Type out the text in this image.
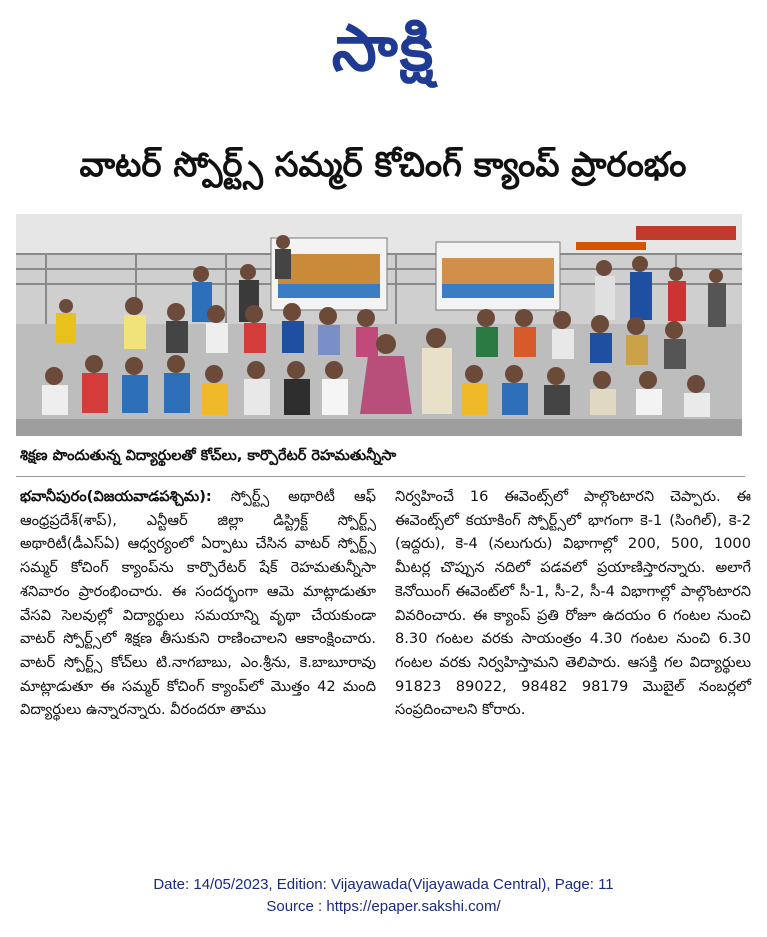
సాక్షి
వాటర్ స్పోర్ట్స్ సమ్మర్ కోచింగ్ క్యాంప్ ప్రారంభం
శిక్షణ పొందుతున్న విద్యార్థులతో కోచ్‌లు, కార్పొరేటర్ రెహమతున్నీసా
భవానీపురం(విజయవాడపశ్చిమ): స్పోర్ట్స్ అథారిటీ ఆఫ్ ఆంధ్రప్రదేశ్(శాప్), ఎన్టీఆర్ జిల్లా డిస్ట్రిక్ట్ స్పోర్ట్స్ అథారిటీ(డీఎస్ఏ) ఆధ్వర్యంలో ఏర్పాటు చేసిన వాటర్ స్పోర్ట్స్ సమ్మర్ కోచింగ్ క్యాంప్‌ను కార్పొరేటర్ షేక్ రెహమతున్నీసా శనివారం ప్రారంభించారు. ఈ సందర్భంగా ఆమె మాట్లాడుతూ వేసవి సెలవుల్లో విద్యార్థులు సమయాన్ని వృథా చేయకుండా వాటర్ స్పోర్ట్స్‌లో శిక్షణ తీసుకుని రాణించాలని ఆకాంక్షించారు. వాటర్ స్పోర్ట్స్ కోచ్‌లు టి.నాగబాబు, ఎం.శ్రీను, కె.బాబూరావు మాట్లాడుతూ ఈ సమ్మర్ కోచింగ్ క్యాంప్‌లో మొత్తం 42 మంది విద్యార్థులు ఉన్నారన్నారు. వీరందరూ తాము
నిర్వహించే 16 ఈవెంట్స్‌లో పాల్గొంటారని చెప్పారు. ఈ ఈవెంట్స్‌లో కయాకింగ్ స్పోర్ట్స్‌లో భాగంగా కె-1 (సింగిల్), కె-2 (ఇద్దరు), కె-4 (నలుగురు) విభాగాల్లో 200, 500, 1000 మీటర్ల చొప్పున నదిలో పడవలో ప్రయాణిస్తారన్నారు. అలాగే కెనోయింగ్ ఈవెంట్‌లో సీ-1, సీ-2, సీ-4 విభాగాల్లో పాల్గొంటారని వివరించారు. ఈ క్యాంప్ ప్రతి రోజూ ఉదయం 6 గంటల నుంచి 8.30 గంటల వరకు సాయంత్రం 4.30 గంటల నుంచి 6.30 గంటల వరకు నిర్వహిస్తామని తెలిపారు. ఆసక్తి గల విద్యార్థులు 91823 89022, 98482 98179 మొబైల్ నంబర్లలో సంప్రదించాలని కోరారు.
Date: 14/05/2023, Edition: Vijayawada(Vijayawada Central), Page: 11
Source : https://epaper.sakshi.com/
